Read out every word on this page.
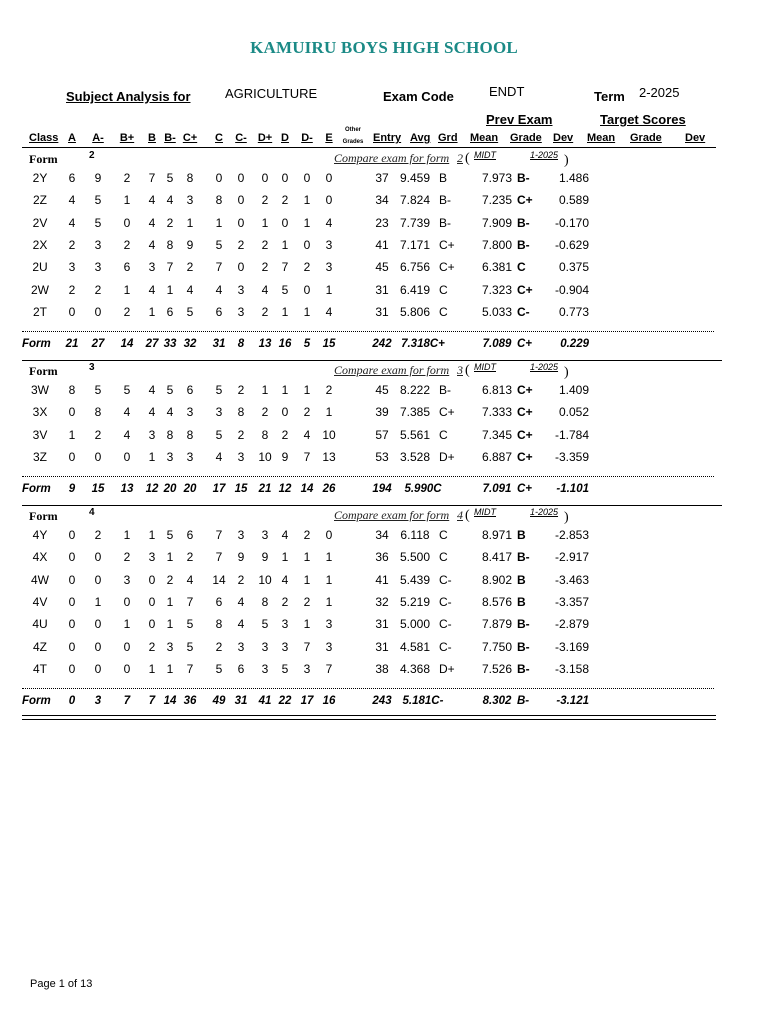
KAMUIRU BOYS HIGH SCHOOL
Subject Analysis for	AGRICULTURE	Exam Code	ENDT	Term 2-2025
Prev Exam	Target Scores
Class A	A- B+	B B- C+	C	C- D+ D	D-	E
Other
Grades Entry Avg Grd Mean Grade Dev Mean Grade Dev
Form	2	Compare exam for form 2 ( MIDT	1-2025 )
2Y	6	9	2	7 5	8	0	0	0	0	0	0	37 9.459 B	7.973 B-	1.486
2Z	4	5	1	4 4	3	8	0	2	2	1	0	34 7.824 B-	7.235 C+	0.589
2V	4	5	0	4 2	1	1	0	1	0	1	4	23 7.739 B-	7.909 B-	-0.170
2X	2	3	2	4 8	9	5	2	2	1	0	3	41 7.171 C+	7.800 B-	-0.629
2U	3	3	6	3 7	2	7	0	2	7	2	3	45 6.756 C+	6.381 C	0.375
2W	2	2	1	4 1	4	4	3	4	5	0	1	31 6.419 C	7.323 C+	-0.904
2T	0	0	2	1 6	5	6	3	2	1	1	4	31 5.806 C	5.033 C-	0.773
Form	21	27	14	27 33 32	31	8	13 16	5	15	242 7.318C+	7.089 C+	0.229
Form	3	Compare exam for form 3 ( MIDT	1-2025 )
3W	8	5	5	4 5	6	5	2	1	1	1	2	45 8.222 B-	6.813 C+	1.409
3X	0	8	4	4 4	3	3	8	2	0	2	1	39 7.385 C+	7.333 C+	0.052
3V	1	2	4	3 8	8	5	2	8	2	4 10	57 5.561 C	7.345 C+	-1.784
3Z	0	0	0	1 3	3	4	3	10 9	7 13	53 3.528 D+	6.887 C+	-3.359
Form	9	15	13	12 20 20	17 15 21 12 14 26	194	5.990C	7.091 C+	-1.101
Form	4	Compare exam for form 4 ( MIDT	1-2025 )
4Y	0	2	1	1 5	6	7	3	3	4	2	0	34 6.118 C	8.971 B	-2.853
4X	0	0	2	3 1	2	7	9	9	1	1	1	36 5.500 C	8.417 B-	-2.917
4W	0	0	3	0 2	4	14 2	10 4	1	1	41 5.439 C-	8.902 B	-3.463
4V	0	1	0	0 1	7	6	4	8	2	2	1	32 5.219 C-	8.576 B	-3.357
4U	0	0	1	0 1	5	8	4	5	3	1	3	31 5.000 C-	7.879 B-	-2.879
4Z	0	0	0	2 3	5	2	3	3	3	7	3	31 4.581 C-	7.750 B-	-3.169
4T	0	0	0	1 1	7	5	6	3	5	3	7	38 4.368 D+	7.526 B-	-3.158
Form	0	3	7	7 14 36	49 31 41 22 17 16	243 5.181C-	8.302 B-	-3.121
Page 1 of 13
